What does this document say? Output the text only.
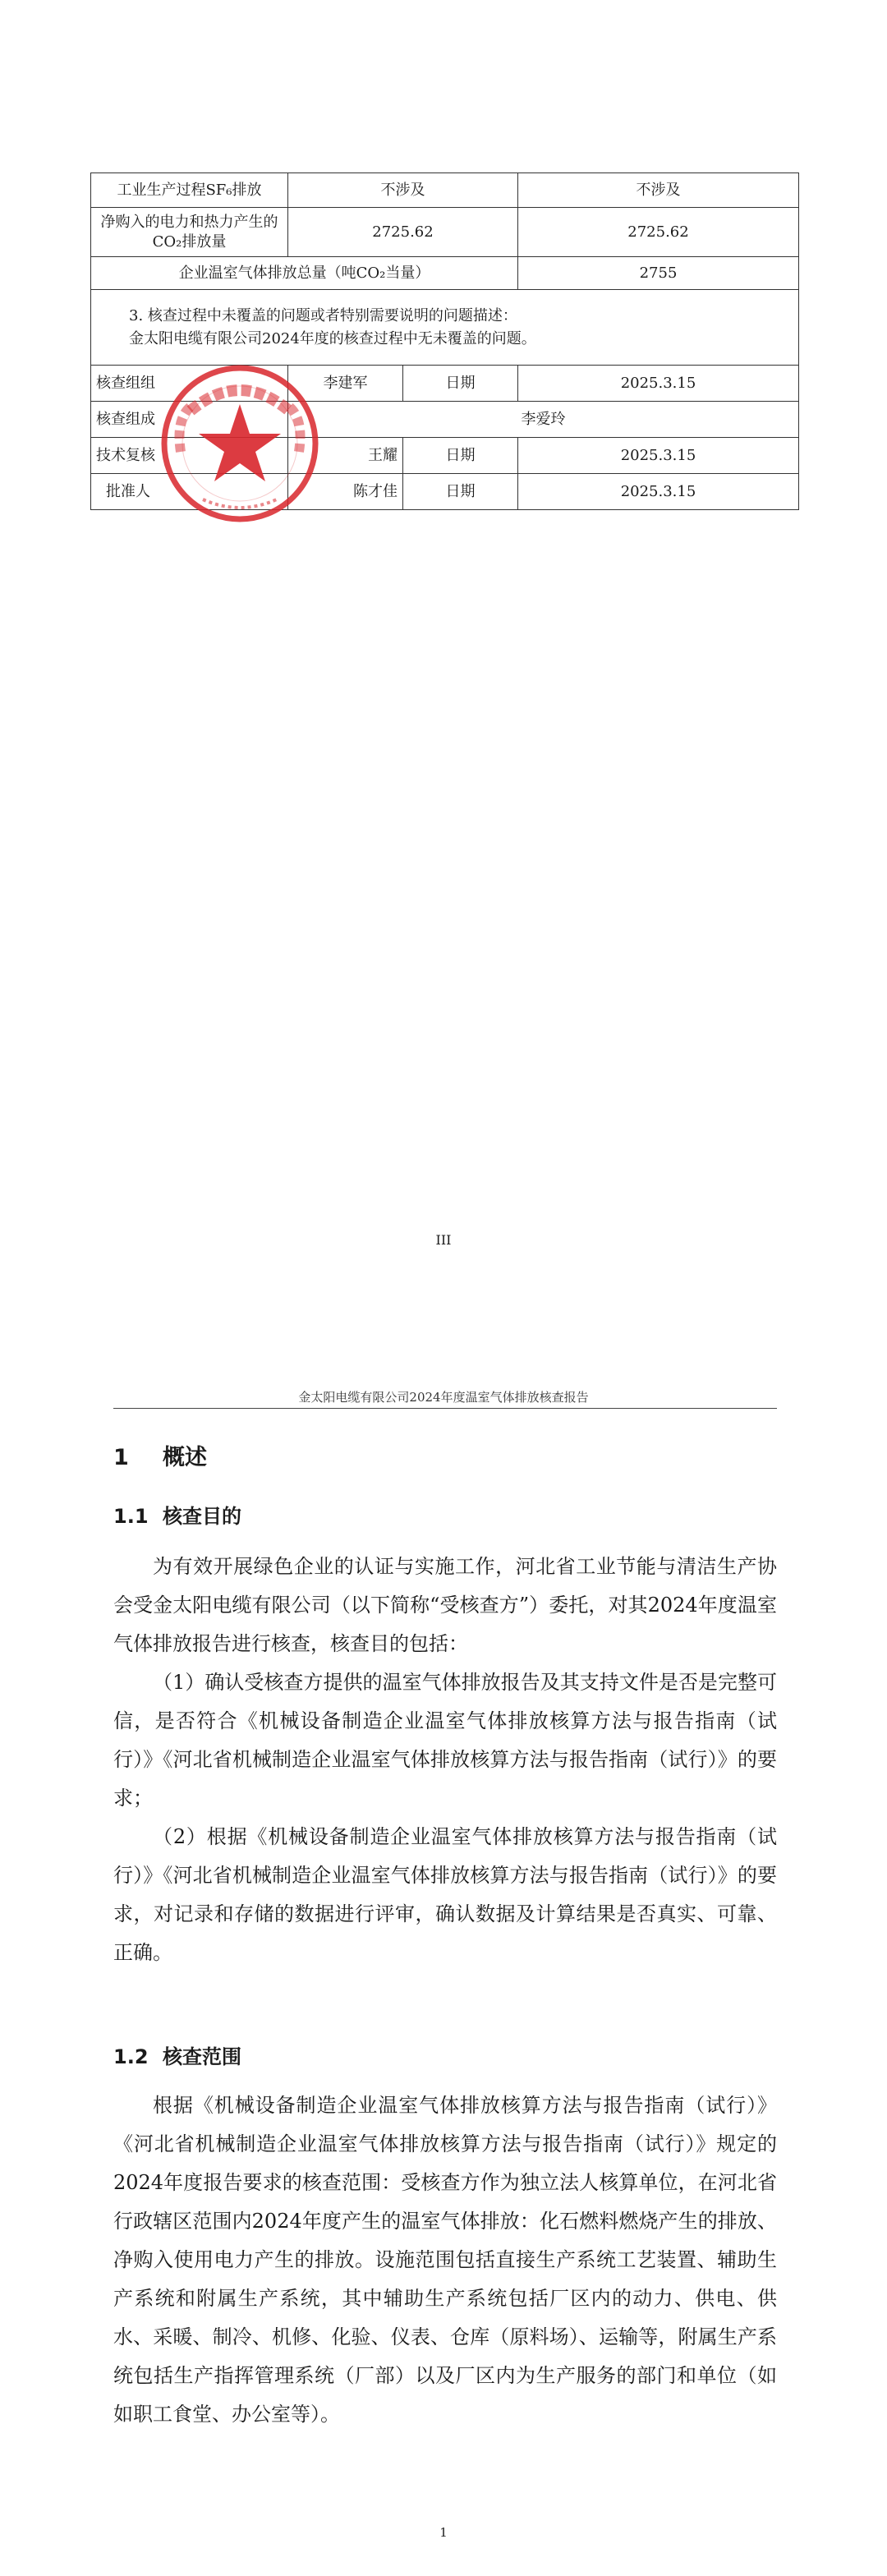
工业生产过程SF₆排放	不涉及		不涉及
净购入的电力和热力产生的
CO₂排放量	2725.62		2725.62
企业温室气体排放总量（吨CO₂当量）			2755

3. 核查过程中未覆盖的问题或者特别需要说明的问题描述：
金太阳电缆有限公司2024年度的核查过程中无未覆盖的问题。			

核查组组	李建军	日期	2025.3.15
核查组成	李爱玲		
技术复核	王耀	日期	2025.3.15
批准人	陈才佳	日期	2025.3.15
III
金太阳电缆有限公司2024年度温室气体排放核查报告
1 概述
1.1 核查目的

为有效开展绿色企业的认证与实施工作，河北省工业节能与清洁生产协会受金太阳电缆有限公司（以下简称“受核查方”）委托，对其2024年度温室气体排放报告进行核查，核查目的包括：

（1）确认受核查方提供的温室气体排放报告及其支持文件是否是完整可信，是否符合《机械设备制造企业温室气体排放核算方法与报告指南（试行）》《河北省机械制造企业温室气体排放核算方法与报告指南（试行）》的要求；

（2）根据《机械设备制造企业温室气体排放核算方法与报告指南（试行）》《河北省机械制造企业温室气体排放核算方法与报告指南（试行）》的要求，对记录和存储的数据进行评审，确认数据及计算结果是否真实、可靠、正确。

1.2 核查范围

根据《机械设备制造企业温室气体排放核算方法与报告指南（试行）》《河北省机械制造企业温室气体排放核算方法与报告指南（试行）》规定的2024年度报告要求的核查范围：受核查方作为独立法人核算单位，在河北省行政辖区范围内2024年度产生的温室气体排放：化石燃料燃烧产生的排放、净购入使用电力产生的排放。设施范围包括直接生产系统工艺装置、辅助生产系统和附属生产系统，其中辅助生产系统包括厂区内的动力、供电、供水、采暖、制冷、机修、化验、仪表、仓库（原料场）、运输等，附属生产系统包括生产指挥管理系统（厂部）以及厂区内为生产服务的部门和单位（如如职工食堂、办公室等）。

1
